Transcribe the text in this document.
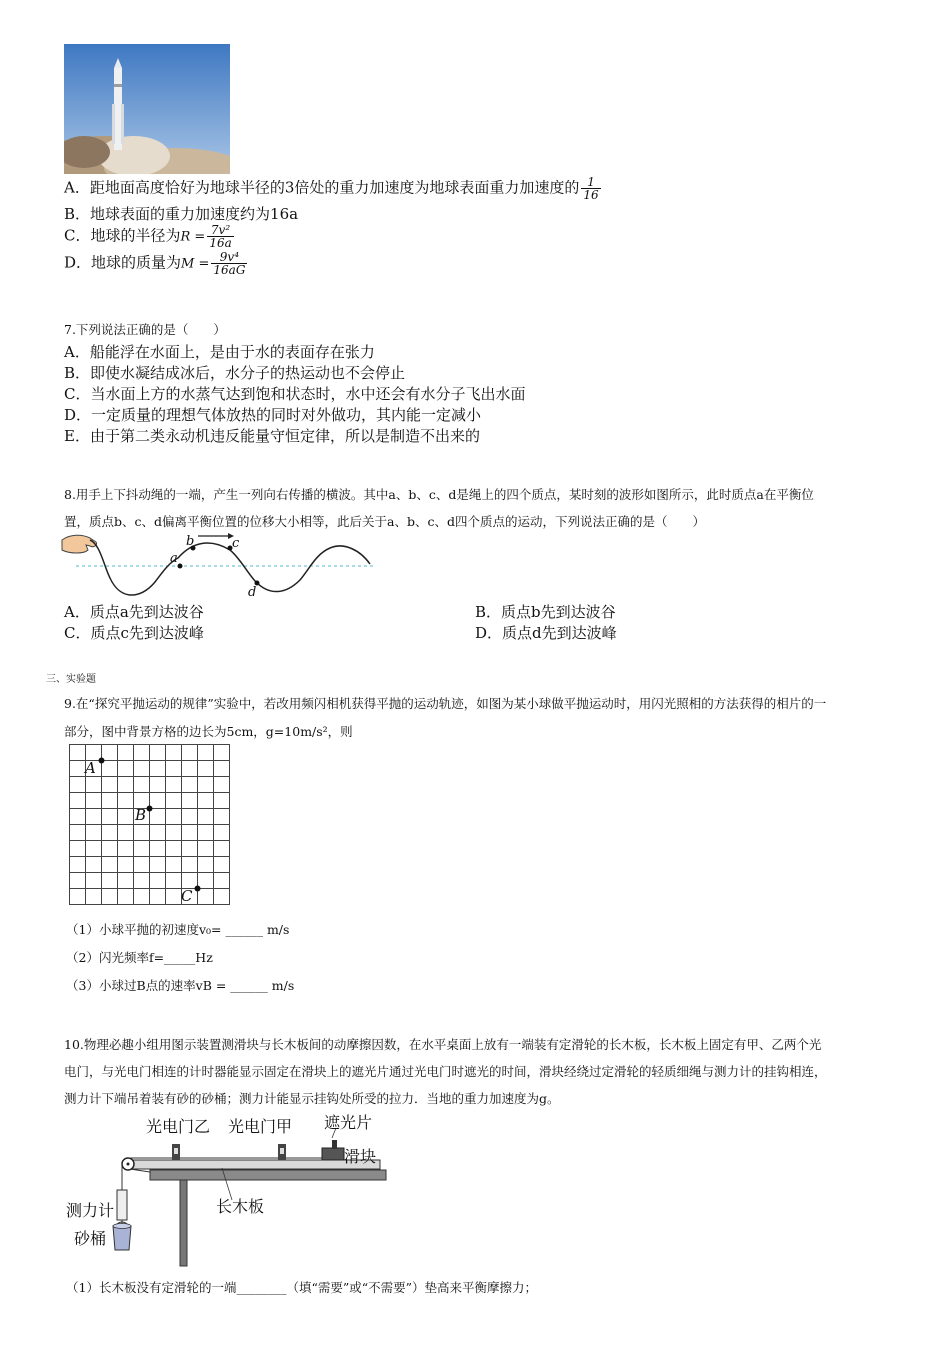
A．距地面高度恰好为地球半径的3倍处的重力加速度为地球表面重力加速度的 $\frac{1}{16}$
B．地球表面的重力加速度约为16a
C．地球的半径为$R = \frac{\text{7v²}}{16a}$
D．地球的质量为$M = \frac{\text{9v⁴}}{16aG}$
7.下列说法正确的是（　　）
A．船能浮在水面上，是由于水的表面存在张力
B．即使水凝结成冰后，水分子的热运动也不会停止
C．当水面上方的水蒸气达到饱和状态时，水中还会有水分子飞出水面
D．一定质量的理想气体放热的同时对外做功，其内能一定减小
E．由于第二类永动机违反能量守恒定律，所以是制造不出来的
8.用手上下抖动绳的一端，产生一列向右传播的横波。其中a、b、c、d是绳上的四个质点，某时刻的波形如图所示，此时质点a在平衡位
置，质点b、c、d偏离平衡位置的位移大小相等，此后关于a、b、c、d四个质点的运动，下列说法正确的是（　　）
a
b	c
d
A．质点a先到达波谷	B．质点b先到达波谷
C．质点c先到达波峰	D．质点d先到达波峰
三、实验题
9.在“探究平抛运动的规律”实验中，若改用频闪相机获得平抛的运动轨迹，如图为某小球做平抛运动时，用闪光照相的方法获得的相片的一
部分，图中背景方格的边长为5cm，g=10m/s²，则
A
B
C
（1）小球平抛的初速度v₀= ______ m/s
（2）闪光频率f=_____Hz
（3）小球过B点的速率vB = ______ m/s
10.物理必趣小组用图示装置测滑块与长木板间的动摩擦因数，在水平桌面上放有一端装有定滑轮的长木板，长木板上固定有甲、乙两个光
电门，与光电门相连的计时器能显示固定在滑块上的遮光片通过光电门时遮光的时间，滑块经绕过定滑轮的轻质细绳与测力计的挂钩相连，
测力计下端吊着装有砂的砂桶；测力计能显示挂钩处所受的拉力．当地的重力加速度为g。
光电门乙 光电门甲 遮光片
滑块
长木板
测力计
砂桶
（1）长木板没有定滑轮的一端________（填“需要”或“不需要”）垫高来平衡摩擦力；
